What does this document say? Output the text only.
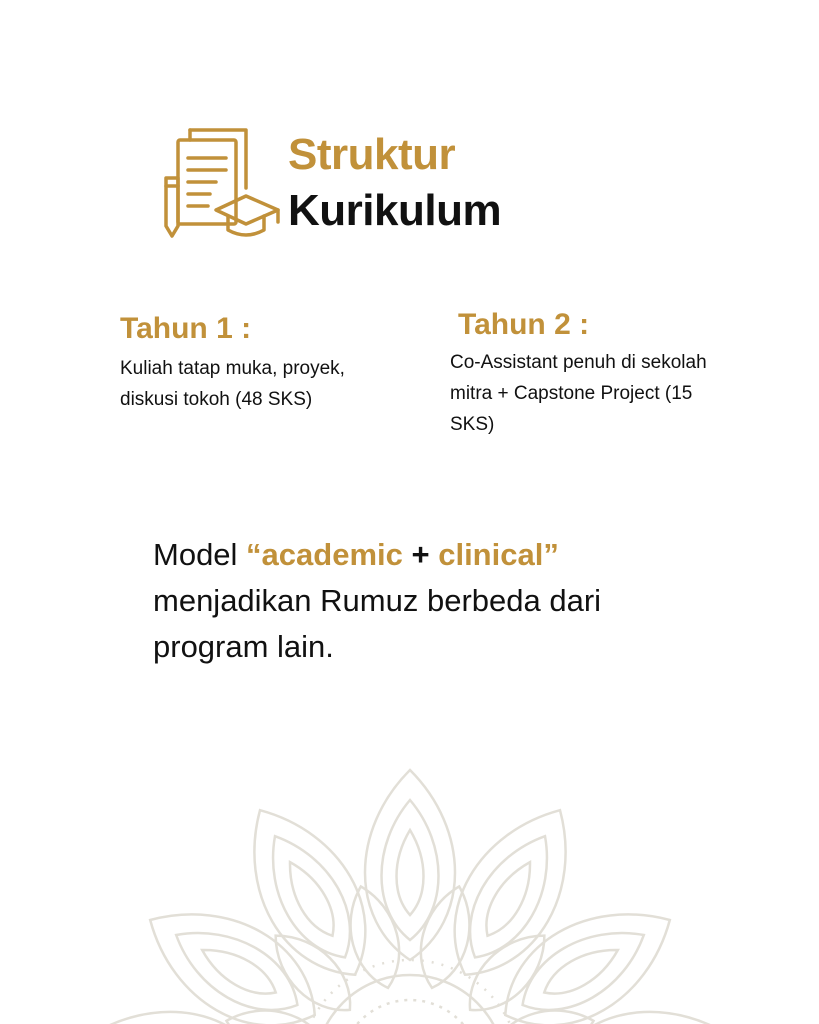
Struktur
Kurikulum
Tahun 1 :
Kuliah tatap muka, proyek, diskusi tokoh (48 SKS)
Tahun 2 :
Co-Assistant penuh di sekolah mitra + Capstone Project (15 SKS)
Model “academic + clinical”
menjadikan Rumuz berbeda dari
program lain.
